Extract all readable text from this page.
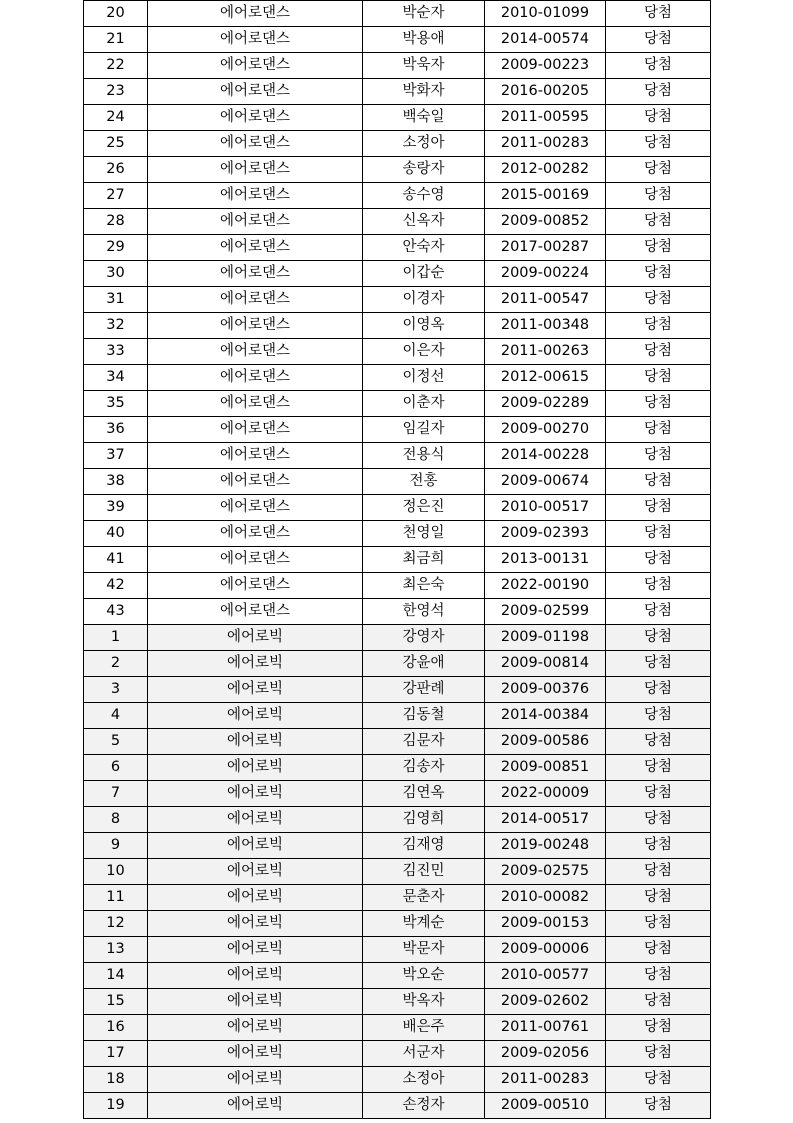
20	에어로댄스	박순자	2010-01099	당첨
21	에어로댄스	박용애	2014-00574	당첨
22	에어로댄스	박욱자	2009-00223	당첨
23	에어로댄스	박화자	2016-00205	당첨
24	에어로댄스	백숙일	2011-00595	당첨
25	에어로댄스	소정아	2011-00283	당첨
26	에어로댄스	송랑자	2012-00282	당첨
27	에어로댄스	송수영	2015-00169	당첨
28	에어로댄스	신옥자	2009-00852	당첨
29	에어로댄스	안숙자	2017-00287	당첨
30	에어로댄스	이갑순	2009-00224	당첨
31	에어로댄스	이경자	2011-00547	당첨
32	에어로댄스	이영옥	2011-00348	당첨
33	에어로댄스	이은자	2011-00263	당첨
34	에어로댄스	이정선	2012-00615	당첨
35	에어로댄스	이춘자	2009-02289	당첨
36	에어로댄스	임길자	2009-00270	당첨
37	에어로댄스	전용식	2014-00228	당첨
38	에어로댄스	전홍	2009-00674	당첨
39	에어로댄스	정은진	2010-00517	당첨
40	에어로댄스	천영일	2009-02393	당첨
41	에어로댄스	최금희	2013-00131	당첨
42	에어로댄스	최은숙	2022-00190	당첨
43	에어로댄스	한영석	2009-02599	당첨
1	에어로빅	강영자	2009-01198	당첨
2	에어로빅	강윤애	2009-00814	당첨
3	에어로빅	강판례	2009-00376	당첨
4	에어로빅	김동철	2014-00384	당첨
5	에어로빅	김문자	2009-00586	당첨
6	에어로빅	김송자	2009-00851	당첨
7	에어로빅	김연옥	2022-00009	당첨
8	에어로빅	김영희	2014-00517	당첨
9	에어로빅	김재영	2019-00248	당첨
10	에어로빅	김진민	2009-02575	당첨
11	에어로빅	문춘자	2010-00082	당첨
12	에어로빅	박계순	2009-00153	당첨
13	에어로빅	박문자	2009-00006	당첨
14	에어로빅	박오순	2010-00577	당첨
15	에어로빅	박옥자	2009-02602	당첨
16	에어로빅	배은주	2011-00761	당첨
17	에어로빅	서군자	2009-02056	당첨
18	에어로빅	소정아	2011-00283	당첨
19	에어로빅	손정자	2009-00510	당첨
